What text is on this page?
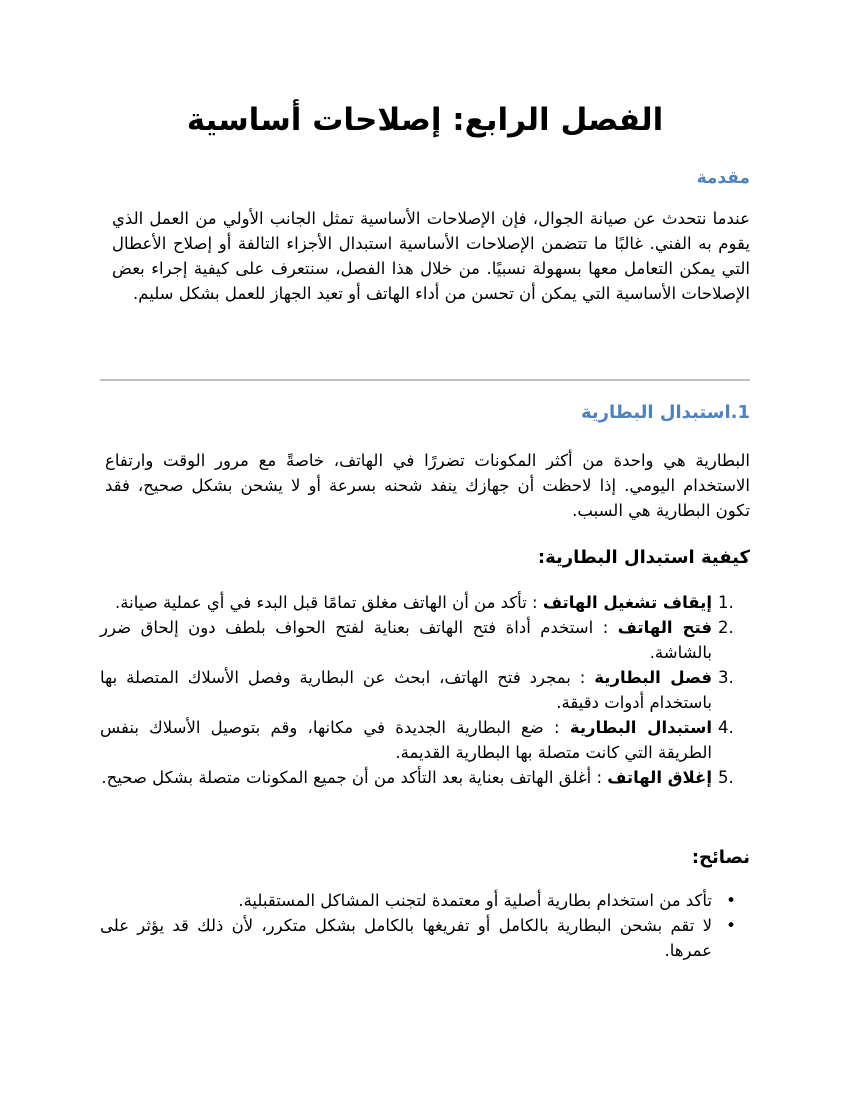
الفصل الرابع: إصلاحات أساسية
مقدمة

عندما نتحدث عن صيانة الجوال، فإن الإصلاحات الأساسية تمثل الجانب الأولي من العمل الذي يقوم به الفني. غالبًا ما تتضمن الإصلاحات الأساسية استبدال الأجزاء التالفة أو إصلاح الأعطال التي يمكن التعامل معها بسهولة نسبيًا. من خلال هذا الفصل، سنتعرف على كيفية إجراء بعض الإصلاحات الأساسية التي يمكن أن تحسن من أداء الهاتف أو تعيد الجهاز للعمل بشكل سليم.

1.استبدال البطارية

البطارية هي واحدة من أكثر المكونات تضررًا في الهاتف، خاصةً مع مرور الوقت وارتفاع الاستخدام اليومي. إذا لاحظت أن جهازك ينفد شحنه بسرعة أو لا يشحن بشكل صحيح، فقد تكون البطارية هي السبب.

كيفية استبدال البطارية:
1.
إيقاف تشغيل الهاتف : تأكد من أن الهاتف مغلق تمامًا قبل البدء في أي عملية صيانة.
2.
فتح الهاتف : استخدم أداة فتح الهاتف بعناية لفتح الحواف بلطف دون إلحاق ضرر بالشاشة.
3.
فصل البطارية : بمجرد فتح الهاتف، ابحث عن البطارية وفصل الأسلاك المتصلة بها باستخدام أدوات دقيقة.
4.
استبدال البطارية : ضع البطارية الجديدة في مكانها، وقم بتوصيل الأسلاك بنفس الطريقة التي كانت متصلة بها البطارية القديمة.
5.
إغلاق الهاتف : أغلق الهاتف بعناية بعد التأكد من أن جميع المكونات متصلة بشكل صحيح.
نصائح:
•
تأكد من استخدام بطارية أصلية أو معتمدة لتجنب المشاكل المستقبلية.
•
لا تقم بشحن البطارية بالكامل أو تفريغها بالكامل بشكل متكرر، لأن ذلك قد يؤثر على عمرها.
